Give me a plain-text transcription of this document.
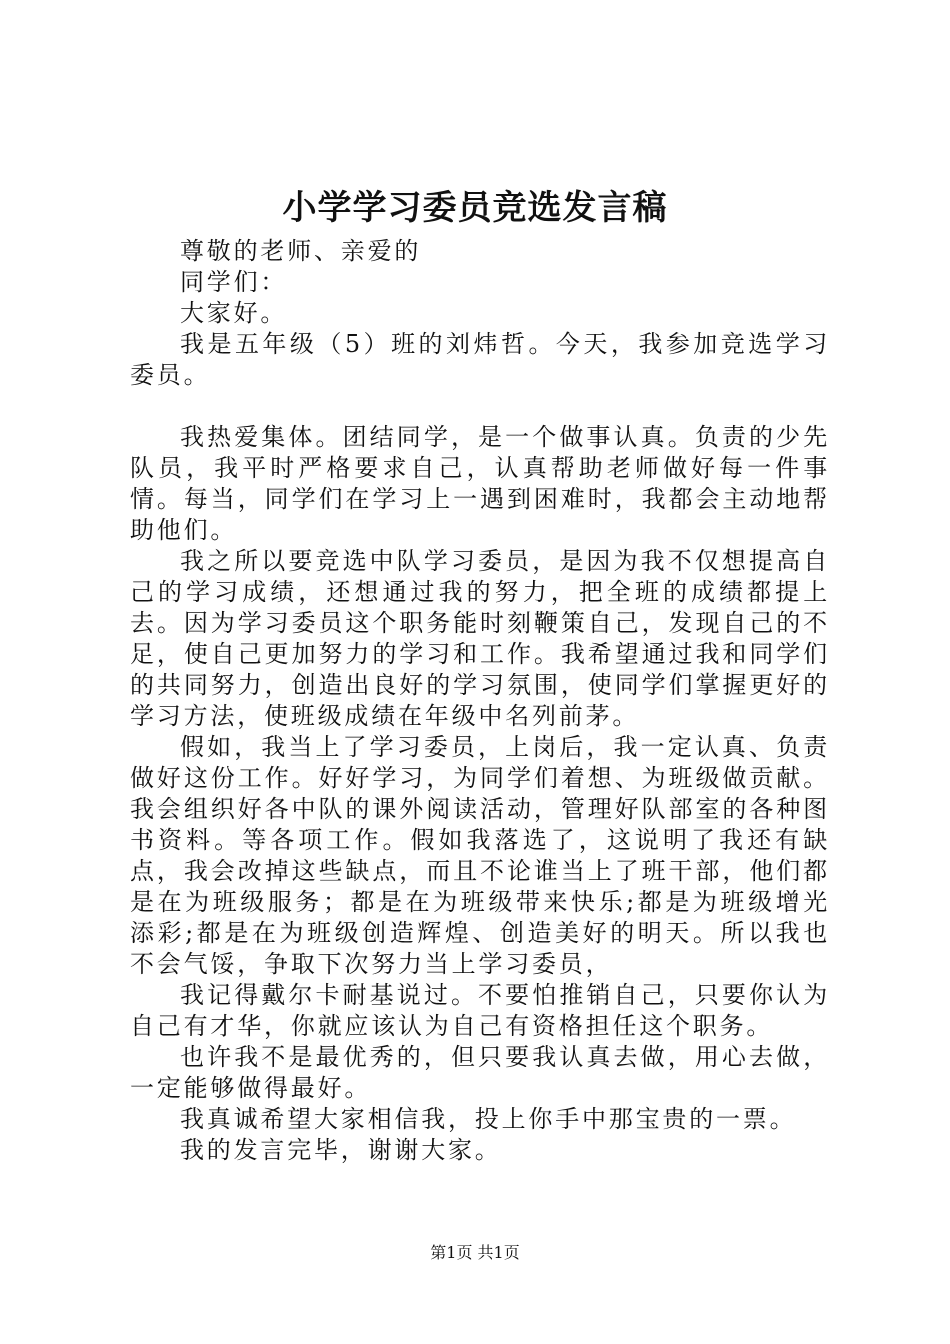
小学学习委员竞选发言稿

尊敬的老师、亲爱的

同学们：

大家好。

我是五年级（5）班的刘炜哲。今天，我参加竞选学习委员。

我热爱集体。团结同学，是一个做事认真。负责的少先队员，我平时严格要求自己，认真帮助老师做好每一件事情。每当，同学们在学习上一遇到困难时，我都会主动地帮助他们。

我之所以要竞选中队学习委员，是因为我不仅想提高自己的学习成绩，还想通过我的努力，把全班的成绩都提上去。因为学习委员这个职务能时刻鞭策自己，发现自己的不足，使自己更加努力的学习和工作。我希望通过我和同学们的共同努力，创造出良好的学习氛围，使同学们掌握更好的学习方法，使班级成绩在年级中名列前茅。

假如，我当上了学习委员，上岗后，我一定认真、负责做好这份工作。好好学习，为同学们着想、为班级做贡献。我会组织好各中队的课外阅读活动，管理好队部室的各种图书资料。等各项工作。假如我落选了，这说明了我还有缺点，我会改掉这些缺点，而且不论谁当上了班干部，他们都是在为班级服务；都是在为班级带来快乐;都是为班级增光添彩;都是在为班级创造辉煌、创造美好的明天。所以我也不会气馁，争取下次努力当上学习委员，

我记得戴尔卡耐基说过。不要怕推销自己，只要你认为自己有才华，你就应该认为自己有资格担任这个职务。

也许我不是最优秀的，但只要我认真去做，用心去做，一定能够做得最好。

我真诚希望大家相信我，投上你手中那宝贵的一票。

我的发言完毕，谢谢大家。

第1页 共1页
